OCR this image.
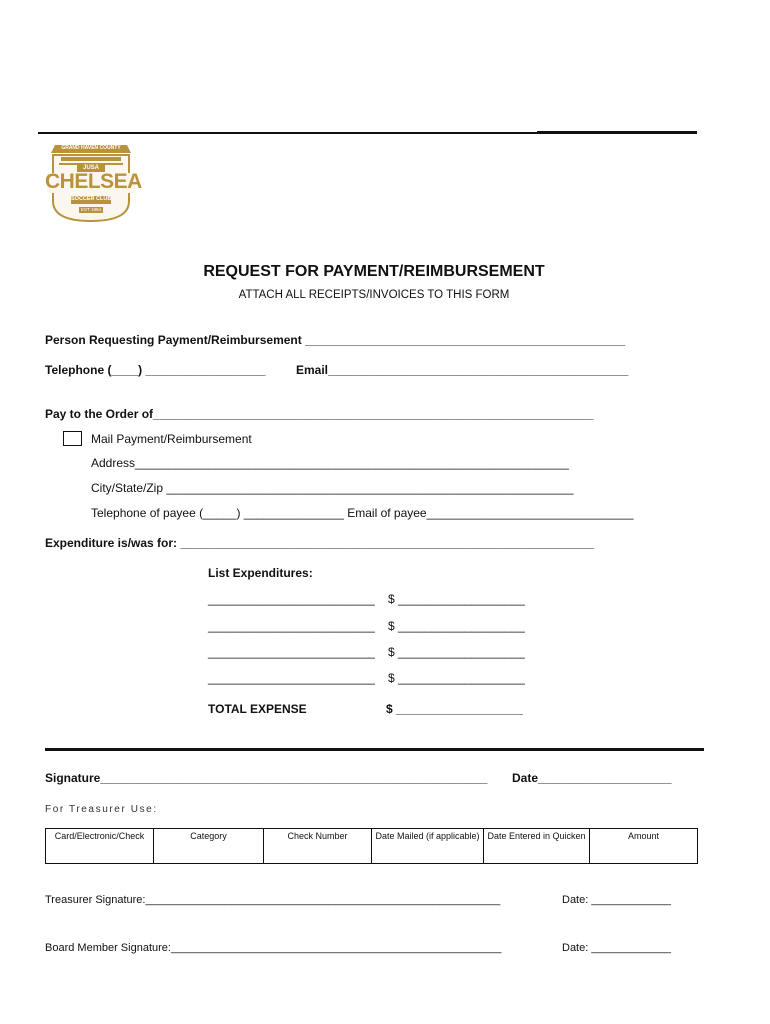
GRAND HAVEN COUNTY
JUSA
CHELSEA
SOCCER CLUB
EST 1994
REQUEST FOR PAYMENT/REIMBURSEMENT
ATTACH ALL RECEIPTS/INVOICES TO THIS FORM
Person Requesting Payment/Reimbursement ________________________________________________
Telephone (____) __________________	Email_____________________________________________
Pay to the Order of__________________________________________________________________
Mail Payment/Reimbursement
Address_________________________________________________________________
City/State/Zip _____________________________________________________________
Telephone of payee (_____) _______________ Email of payee_______________________________
Expenditure is/was for: ______________________________________________________________
List Expenditures:
_________________________ $ ___________________
_________________________ $ ___________________
_________________________ $ ___________________
_________________________ $ ___________________
TOTAL EXPENSE	$ ___________________
Signature__________________________________________________________ Date____________________
For Treasurer Use:
Card/Electronic/Check	Category	Check Number	Date Mailed (if applicable)	Date Entered in Quicken	Amount
Treasurer Signature:__________________________________________________________	Date: _____________
Board Member Signature:______________________________________________________	Date: _____________
